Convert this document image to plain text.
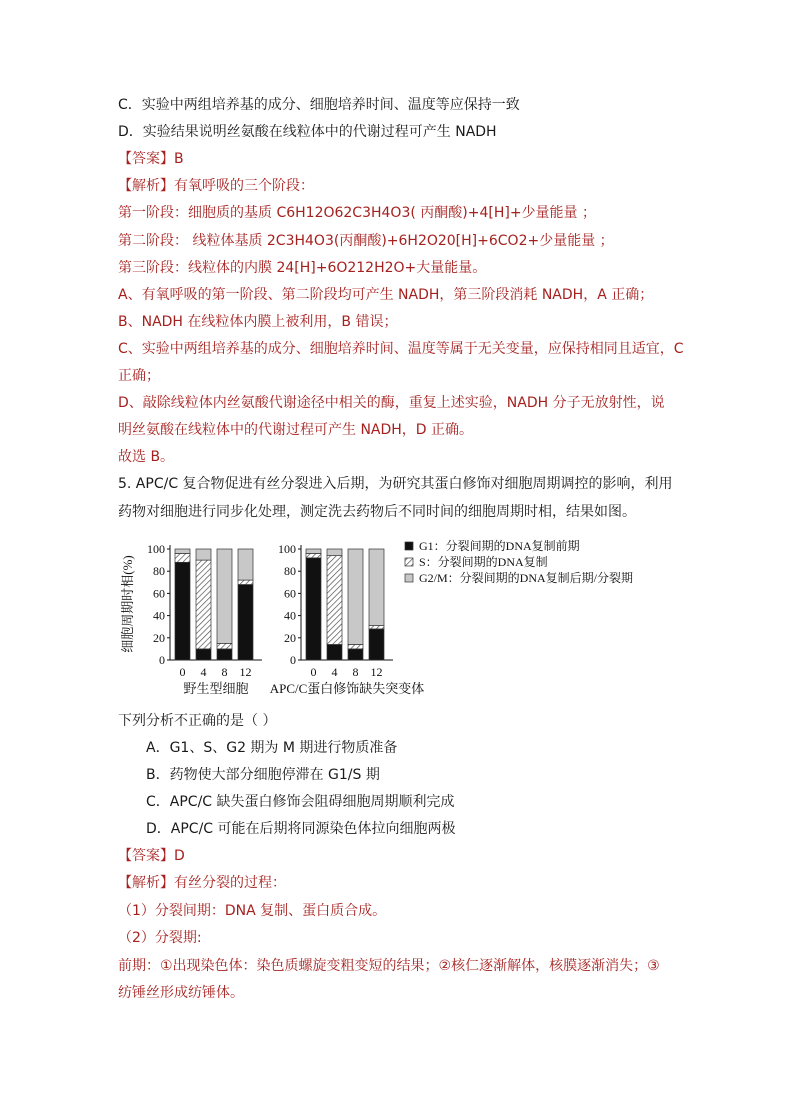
C．实验中两组培养基的成分、细胞培养时间、温度等应保持一致
D．实验结果说明丝氨酸在线粒体中的代谢过程可产生 NADH
【答案】B
【解析】有氧呼吸的三个阶段：
第一阶段：细胞质的基质 C6H12O62C3H4O3( 丙酮酸)+4[H]+少量能量 ；
第二阶段： 线粒体基质 2C3H4O3(丙酮酸)+6H2O20[H]+6CO2+少量能量 ；
第三阶段：线粒体的内膜 24[H]+6O212H2O+大量能量。
A、有氧呼吸的第一阶段、第二阶段均可产生 NADH，第三阶段消耗 NADH，A 正确；
B、NADH 在线粒体内膜上被利用，B 错误；
C、实验中两组培养基的成分、细胞培养时间、温度等属于无关变量，应保持相同且适宜，C
正确；
D、敲除线粒体内丝氨酸代谢途径中相关的酶，重复上述实验，NADH 分子无放射性，说
明丝氨酸在线粒体中的代谢过程可产生 NADH，D 正确。
故选 B。
5. APC/C 复合物促进有丝分裂进入后期，为研究其蛋白修饰对细胞周期调控的影响，利用
药物对细胞进行同步化处理，测定洗去药物后不同时间的细胞周期时相，结果如图。
细胞周期时相(%)
0
20
40
60
80
100
0 4 8 12
野生型细胞
0
20
40
60
80
100
0 4 8 12
APC/C蛋白修饰缺失突变体
G1：分裂间期的DNA复制前期
S：分裂间期的DNA复制
G2/M：分裂间期的DNA复制后期/分裂期
下列分析不正确的是（ ）
A．G1、S、G2 期为 M 期进行物质准备
B．药物使大部分细胞停滞在 G1/S 期
C．APC/C 缺失蛋白修饰会阻碍细胞周期顺利完成
D．APC/C 可能在后期将同源染色体拉向细胞两极
【答案】D
【解析】有丝分裂的过程：
（1）分裂间期：DNA 复制、蛋白质合成。
（2）分裂期:
前期：①出现染色体：染色质螺旋变粗变短的结果；②核仁逐渐解体，核膜逐渐消失；③
纺锤丝形成纺锤体。
